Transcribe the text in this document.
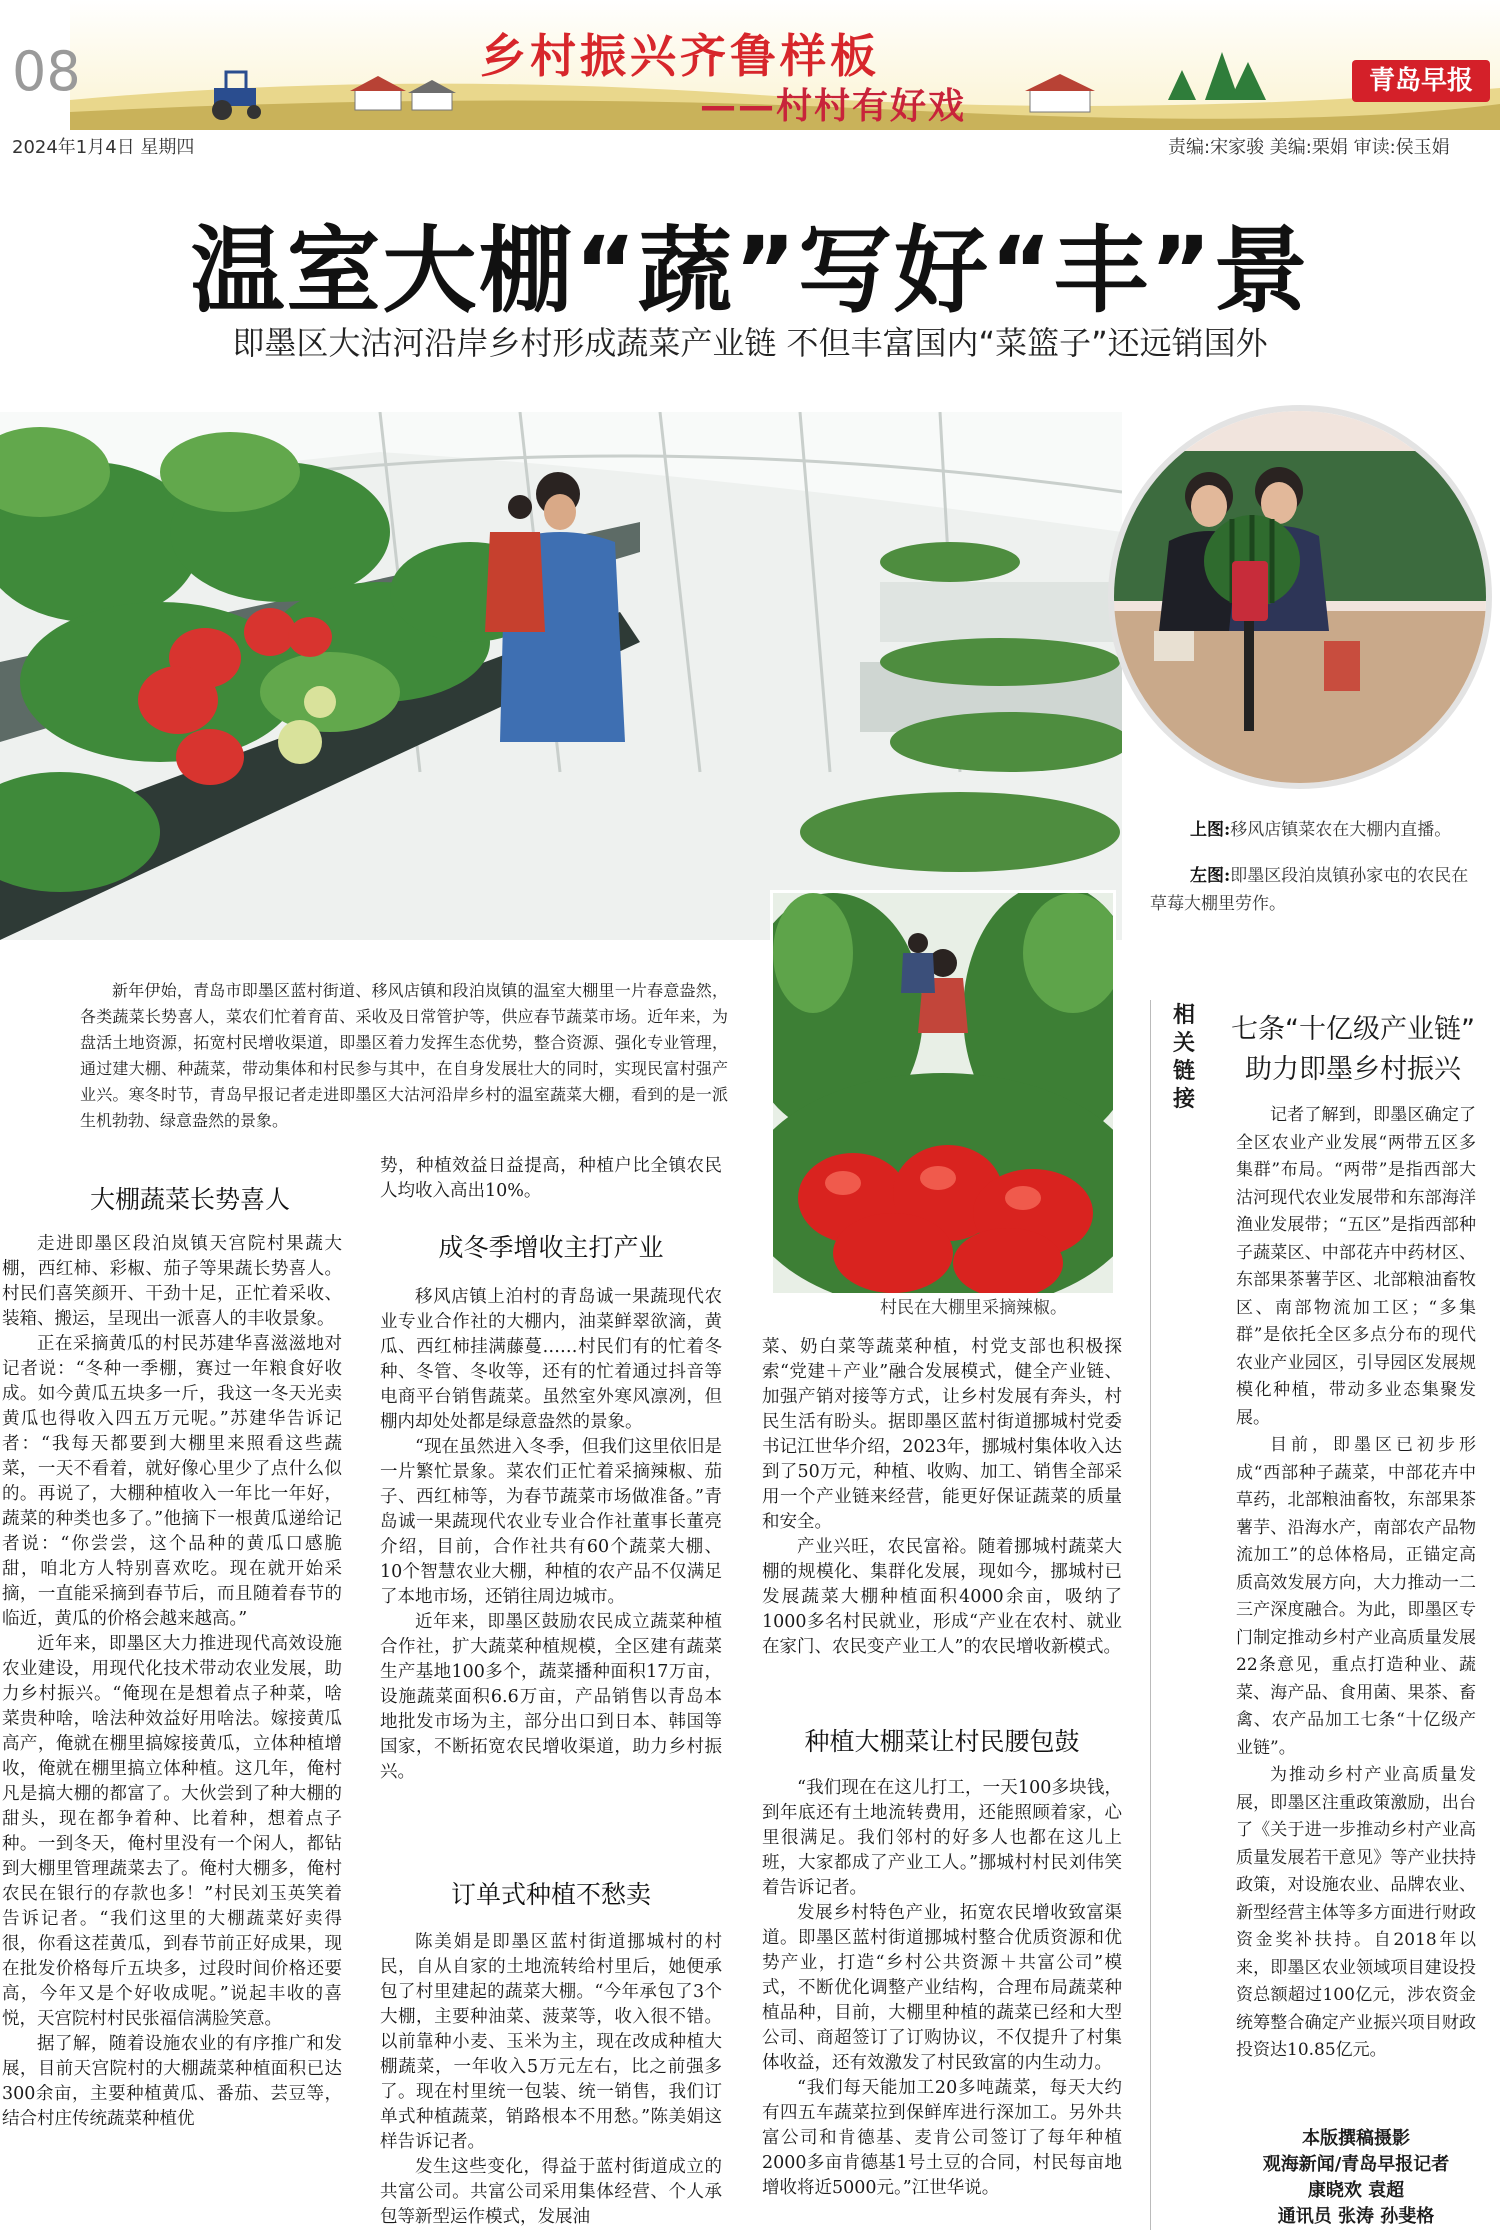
08	乡村振兴齐鲁样板
——村村有好戏
青岛早报
2024年1月4日 星期四	责编:宋家骏 美编:栗娟 审读:侯玉娟
温室大棚“蔬”写好“丰”景
即墨区大沽河沿岸乡村形成蔬菜产业链 不但丰富国内“菜篮子”还远销国外
上图:移风店镇菜农在大棚内直播。
左图:即墨区段泊岚镇孙家屯的农民在草莓大棚里劳作。
村民在大棚里采摘辣椒。

新年伊始，青岛市即墨区蓝村街道、移风店镇和段泊岚镇的温室大棚里一片春意盎然，各类蔬菜长势喜人，菜农们忙着育苗、采收及日常管护等，供应春节蔬菜市场。近年来，为盘活土地资源，拓宽村民增收渠道，即墨区着力发挥生态优势，整合资源、强化专业管理，通过建大棚、种蔬菜，带动集体和村民参与其中，在自身发展壮大的同时，实现民富村强产业兴。寒冬时节，青岛早报记者走进即墨区大沽河沿岸乡村的温室蔬菜大棚，看到的是一派生机勃勃、绿意盎然的景象。

大棚蔬菜长势喜人

走进即墨区段泊岚镇天宫院村果蔬大棚，西红柿、彩椒、茄子等果蔬长势喜人。村民们喜笑颜开、干劲十足，正忙着采收、装箱、搬运，呈现出一派喜人的丰收景象。

正在采摘黄瓜的村民苏建华喜滋滋地对记者说：“冬种一季棚，赛过一年粮食好收成。如今黄瓜五块多一斤，我这一冬天光卖黄瓜也得收入四五万元呢。”苏建华告诉记者：“我每天都要到大棚里来照看这些蔬菜，一天不看着，就好像心里少了点什么似的。再说了，大棚种植收入一年比一年好，蔬菜的种类也多了。”他摘下一根黄瓜递给记者说：“你尝尝，这个品种的黄瓜口感脆甜，咱北方人特别喜欢吃。现在就开始采摘，一直能采摘到春节后，而且随着春节的临近，黄瓜的价格会越来越高。”

近年来，即墨区大力推进现代高效设施农业建设，用现代化技术带动农业发展，助力乡村振兴。“俺现在是想着点子种菜，啥菜贵种啥，啥法种效益好用啥法。嫁接黄瓜高产，俺就在棚里搞嫁接黄瓜，立体种植增收，俺就在棚里搞立体种植。这几年，俺村凡是搞大棚的都富了。大伙尝到了种大棚的甜头，现在都争着种、比着种，想着点子种。一到冬天，俺村里没有一个闲人，都钻到大棚里管理蔬菜去了。俺村大棚多，俺村农民在银行的存款也多！”村民刘玉英笑着告诉记者。“我们这里的大棚蔬菜好卖得很，你看这茬黄瓜，到春节前正好成果，现在批发价格每斤五块多，过段时间价格还要高，今年又是个好收成呢。”说起丰收的喜悦，天宫院村村民张福信满脸笑意。

据了解，随着设施农业的有序推广和发展，目前天宫院村的大棚蔬菜种植面积已达300余亩，主要种植黄瓜、番茄、芸豆等，结合村庄传统蔬菜种植优

势，种植效益日益提高，种植户比全镇农民人均收入高出10%。

成冬季增收主打产业

移风店镇上泊村的青岛诚一果蔬现代农业专业合作社的大棚内，油菜鲜翠欲滴，黄瓜、西红柿挂满藤蔓……村民们有的忙着冬种、冬管、冬收等，还有的忙着通过抖音等电商平台销售蔬菜。虽然室外寒风凛冽，但棚内却处处都是绿意盎然的景象。

“现在虽然进入冬季，但我们这里依旧是一片繁忙景象。菜农们正忙着采摘辣椒、茄子、西红柿等，为春节蔬菜市场做准备。”青岛诚一果蔬现代农业专业合作社董事长董亮介绍，目前，合作社共有60个蔬菜大棚、10个智慧农业大棚，种植的农产品不仅满足了本地市场，还销往周边城市。

近年来，即墨区鼓励农民成立蔬菜种植合作社，扩大蔬菜种植规模，全区建有蔬菜生产基地100多个，蔬菜播种面积17万亩，设施蔬菜面积6.6万亩，产品销售以青岛本地批发市场为主，部分出口到日本、韩国等国家，不断拓宽农民增收渠道，助力乡村振兴。

订单式种植不愁卖

陈美娟是即墨区蓝村街道挪城村的村民，自从自家的土地流转给村里后，她便承包了村里建起的蔬菜大棚。“今年承包了3个大棚，主要种油菜、菠菜等，收入很不错。以前靠种小麦、玉米为主，现在改成种植大棚蔬菜，一年收入5万元左右，比之前强多了。现在村里统一包装、统一销售，我们订单式种植蔬菜，销路根本不用愁。”陈美娟这样告诉记者。

发生这些变化，得益于蓝村街道成立的共富公司。共富公司采用集体经营、个人承包等新型运作模式，发展油

菜、奶白菜等蔬菜种植，村党支部也积极探索“党建＋产业”融合发展模式，健全产业链、加强产销对接等方式，让乡村发展有奔头，村民生活有盼头。据即墨区蓝村街道挪城村党委书记江世华介绍，2023年，挪城村集体收入达到了50万元，种植、收购、加工、销售全部采用一个产业链来经营，能更好保证蔬菜的质量和安全。

产业兴旺，农民富裕。随着挪城村蔬菜大棚的规模化、集群化发展，现如今，挪城村已发展蔬菜大棚种植面积4000余亩，吸纳了1000多名村民就业，形成“产业在农村、就业在家门、农民变产业工人”的农民增收新模式。

种植大棚菜让村民腰包鼓

“我们现在在这儿打工，一天100多块钱，到年底还有土地流转费用，还能照顾着家，心里很满足。我们邻村的好多人也都在这儿上班，大家都成了产业工人。”挪城村村民刘伟笑着告诉记者。

发展乡村特色产业，拓宽农民增收致富渠道。即墨区蓝村街道挪城村整合优质资源和优势产业，打造“乡村公共资源＋共富公司”模式，不断优化调整产业结构，合理布局蔬菜种植品种，目前，大棚里种植的蔬菜已经和大型公司、商超签订了订购协议，不仅提升了村集体收益，还有效激发了村民致富的内生动力。

“我们每天能加工20多吨蔬菜，每天大约有四五车蔬菜拉到保鲜库进行深加工。另外共富公司和肯德基、麦肯公司签订了每年种植2000多亩肯德基1号土豆的合同，村民每亩地增收将近5000元。”江世华说。

相关链接
七条“十亿级产业链”
助力即墨乡村振兴

记者了解到，即墨区确定了全区农业产业发展“两带五区多集群”布局。“两带”是指西部大沽河现代农业发展带和东部海洋渔业发展带；“五区”是指西部种子蔬菜区、中部花卉中药材区、东部果茶薯芋区、北部粮油畜牧区、南部物流加工区；“多集群”是依托全区多点分布的现代农业产业园区，引导园区发展规模化种植，带动多业态集聚发展。

目前，即墨区已初步形成“西部种子蔬菜，中部花卉中草药，北部粮油畜牧，东部果茶薯芋、沿海水产，南部农产品物流加工”的总体格局，正锚定高质高效发展方向，大力推动一二三产深度融合。为此，即墨区专门制定推动乡村产业高质量发展22条意见，重点打造种业、蔬菜、海产品、食用菌、果茶、畜禽、农产品加工七条“十亿级产业链”。

为推动乡村产业高质量发展，即墨区注重政策激励，出台了《关于进一步推动乡村产业高质量发展若干意见》等产业扶持政策，对设施农业、品牌农业、新型经营主体等多方面进行财政资金奖补扶持。自2018年以来，即墨区农业领域项目建设投资总额超过100亿元，涉农资金统筹整合确定产业振兴项目财政投资达10.85亿元。

本版撰稿摄影
观海新闻/青岛早报记者
康晓欢 袁超
通讯员 张涛 孙斐格
